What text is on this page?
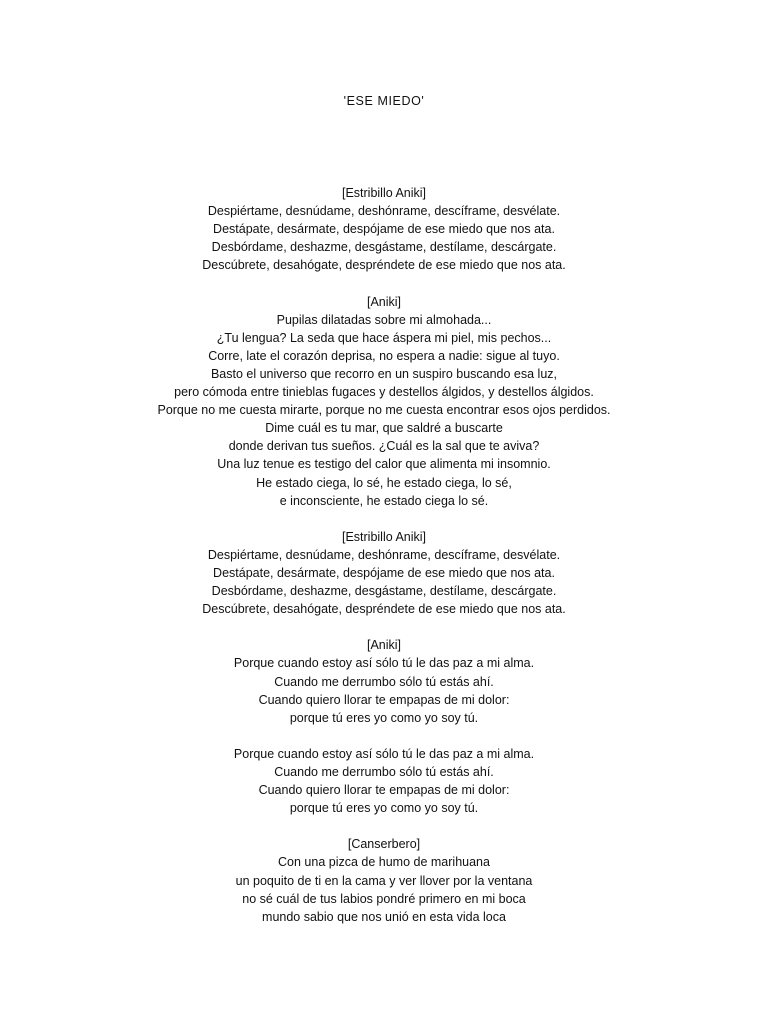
'ESE MIEDO'
[Estribillo Aniki]
Despiértame, desnúdame, deshónrame, descíframe, desvélate.
Destápate, desármate, despójame de ese miedo que nos ata.
Desbórdame, deshazme, desgástame, destílame, descárgate.
Descúbrete, desahógate, despréndete de ese miedo que nos ata.
[Aniki]
Pupilas dilatadas sobre mi almohada...
¿Tu lengua? La seda que hace áspera mi piel, mis pechos...
Corre, late el corazón deprisa, no espera a nadie: sigue al tuyo.
Basto el universo que recorro en un suspiro buscando esa luz,
pero cómoda entre tinieblas fugaces y destellos álgidos, y destellos álgidos.
Porque no me cuesta mirarte, porque no me cuesta encontrar esos ojos perdidos.
Dime cuál es tu mar, que saldré a buscarte
donde derivan tus sueños. ¿Cuál es la sal que te aviva?
Una luz tenue es testigo del calor que alimenta mi insomnio.
He estado ciega, lo sé, he estado ciega, lo sé,
e inconsciente, he estado ciega lo sé.
[Estribillo Aniki]
Despiértame, desnúdame, deshónrame, descíframe, desvélate.
Destápate, desármate, despójame de ese miedo que nos ata.
Desbórdame, deshazme, desgástame, destílame, descárgate.
Descúbrete, desahógate, despréndete de ese miedo que nos ata.
[Aniki]
Porque cuando estoy así sólo tú le das paz a mi alma.
Cuando me derrumbo sólo tú estás ahí.
Cuando quiero llorar te empapas de mi dolor:
porque tú eres yo como yo soy tú.
Porque cuando estoy así sólo tú le das paz a mi alma.
Cuando me derrumbo sólo tú estás ahí.
Cuando quiero llorar te empapas de mi dolor:
porque tú eres yo como yo soy tú.
[Canserbero]
Con una pizca de humo de marihuana
un poquito de ti en la cama y ver llover por la ventana
no sé cuál de tus labios pondré primero en mi boca
mundo sabio que nos unió en esta vida loca
